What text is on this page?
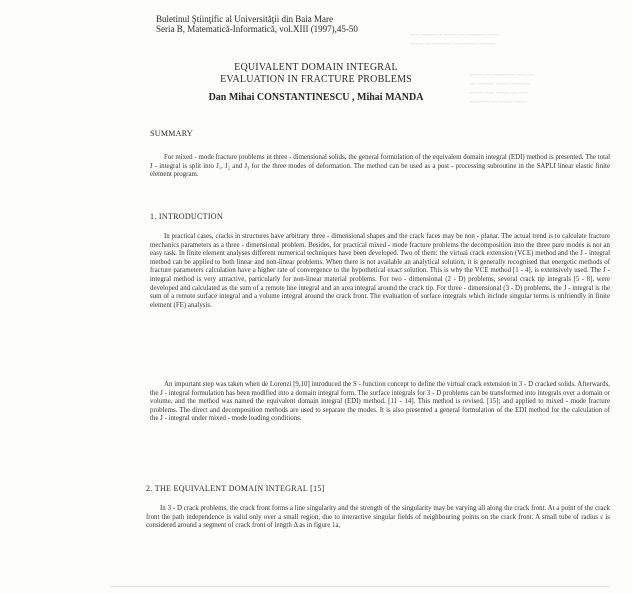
~~~ ~~~~~ ~ ~~~~ ~~ ~~~~~~ ~~~~
~~~~ ~~ ~~~~~~ ~~~ ~~~~ ~~~~~
~~~~ ~~ ~~~~~~~ ~~~ ~~
~~ ~~~~~ ~~~~ ~~~~~~
~~~~ ~~~ ~~~~ ~~ ~~~
~~~~~~ ~~ ~~~~ ~~~~
Buletinul Ştiinţific al Universităţii din Baia Mare
Seria B, Matematică-Informatică, vol.XIII (1997),45-50
EQUIVALENT DOMAIN INTEGRAL
EVALUATION IN FRACTURE PROBLEMS
Dan Mihai CONSTANTINESCU , Mihai MANDA
SUMMARY

For mixed - mode fracture problems in three - dimensional solids, the general formulation of the equivalent domain integral (EDI) method is presented. The total J - integral is split into J₁, J₂ and J₃ for the three modes of deformation. The method can be used as a post - processing subroutine in the SAPLI linear elastic finite element program.

1. INTRODUCTION

In practical cases, cracks in structures have arbitrary three - dimensional shapes and the crack faces may be non - planar. The actual trend is to calculate fracture mechanics parameters as a three - dimensional problem. Besides, for practical mixed - mode fracture problems the decomposition into the three pure modes is not an easy task. In finite element analyses different numerical techniques have been developed. Two of them: the virtual crack extension (VCE) method and the J - integral method can be applied to both linear and non-linear problems. When there is not available an analytical solution, it is generally recognised that energetic methods of fracture parameters calculation have a higher rate of convergence to the hypothetical exact solution. This is why the VCE method [1 - 4], is extensively used. The J - integral method is very attractive, particularly for non-linear material problems. For two - dimensional (2 - D) problems, several crack tip integrals [5 - 8], were developed and calculated as the sum of a remote line integral and an area integral around the crack tip. For three - dimensional (3 - D) problems, the J - integral is the sum of a remote surface integral and a volume integral around the crack front. The evaluation of surface integrals which include singular terms is unfriendly in finite element (FE) analysis.

An important step was taken when de Lorenzi [9,10] introduced the S - function concept to define the virtual crack extension in 3 - D cracked solids. Afterwards, the J - integral formulation has been modified into a domain integral form. The surface integrals for 3 - D problems can be transformed into integrals over a domain or volume, and the method was named the equivalent domain integral (EDI) method. [11 - 14]. This method is revised. [15]; and applied to mixed - mode fracture problems. The direct and decomposition methods are used to separate the modes. It is also presented a general formulation of the EDI method for the calculation of the J - integral under mixed - mode loading conditions.

2. THE EQUIVALENT DOMAIN INTEGRAL [15]

In 3 - D crack problems, the crack front forms a line singularity and the strength of the singularity may be varying all along the crack front. At a point of the crack front the path independence is valid only over a small region, due to interactive singular fields of neighbouring points on the crack front. A small tube of radius ε is considered around a segment of crack front of length Δ as in figure 1a,
